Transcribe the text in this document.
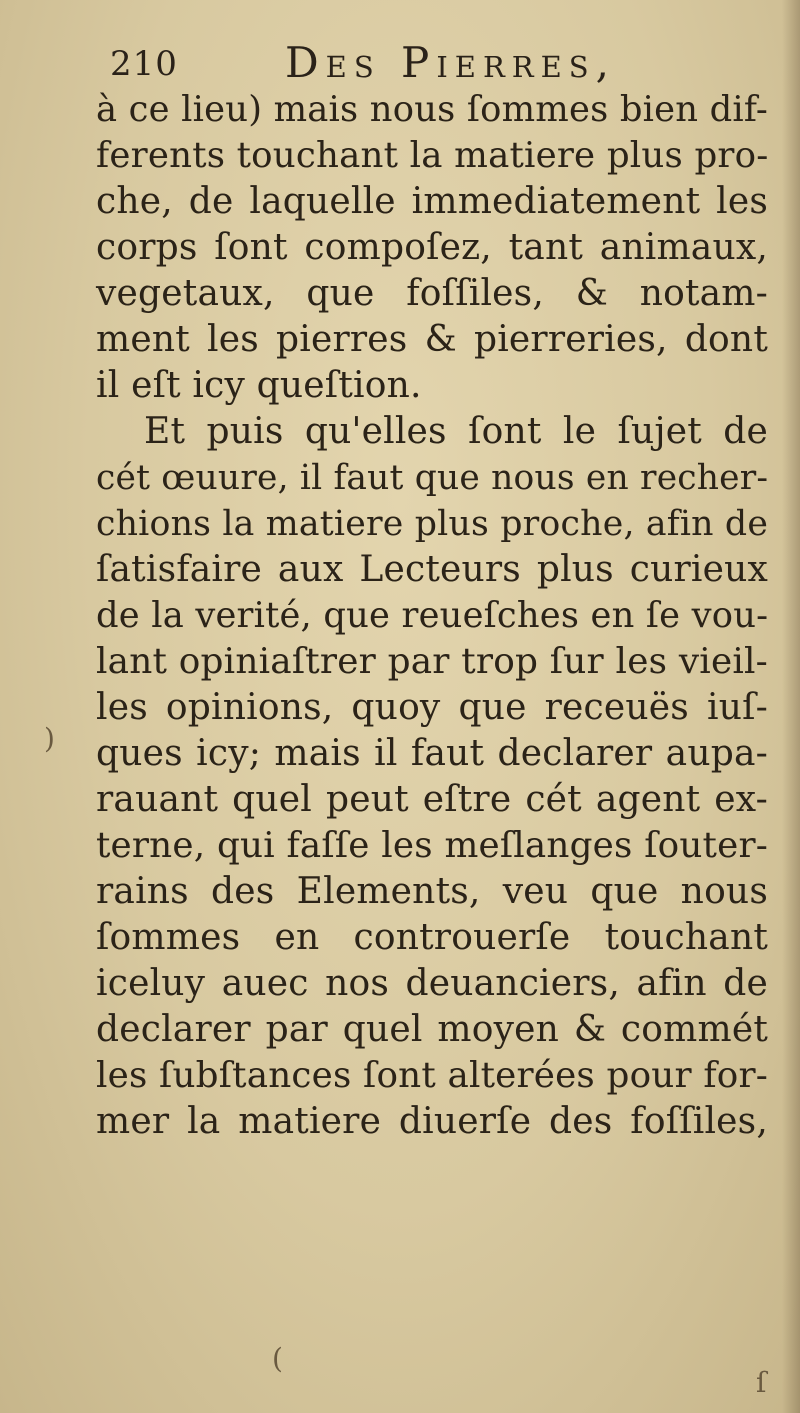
210	Des Pierres,
à ce lieu) mais nous ſommes bien dif-
ferents touchant la matiere plus pro-
che, de laquelle immediatement les
corps ſont compoſez, tant animaux,
vegetaux, que foſſiles, & notam-
ment les pierres & pierreries, dont
il eſt icy queſtion.
Et puis qu'elles ſont le ſujet de
cét œuure, il faut que nous en recher-
chions la matiere plus proche, afin de
ſatisfaire aux Lecteurs plus curieux
de la verité, que reueſches en ſe vou-
lant opiniaſtrer par trop ſur les vieil-
les opinions, quoy que receuës iuſ-
ques icy; mais il faut declarer aupa-
rauant quel peut eſtre cét agent ex-
terne, qui faſſe les meſlanges ſouter-
rains des Elements, veu que nous
ſommes en controuerſe touchant
iceluy auec nos deuanciers, afin de
declarer par quel moyen & commét
les ſubſtances ſont alterées pour for-
mer la matiere diuerſe des foſſiles,
)
(
ſ
